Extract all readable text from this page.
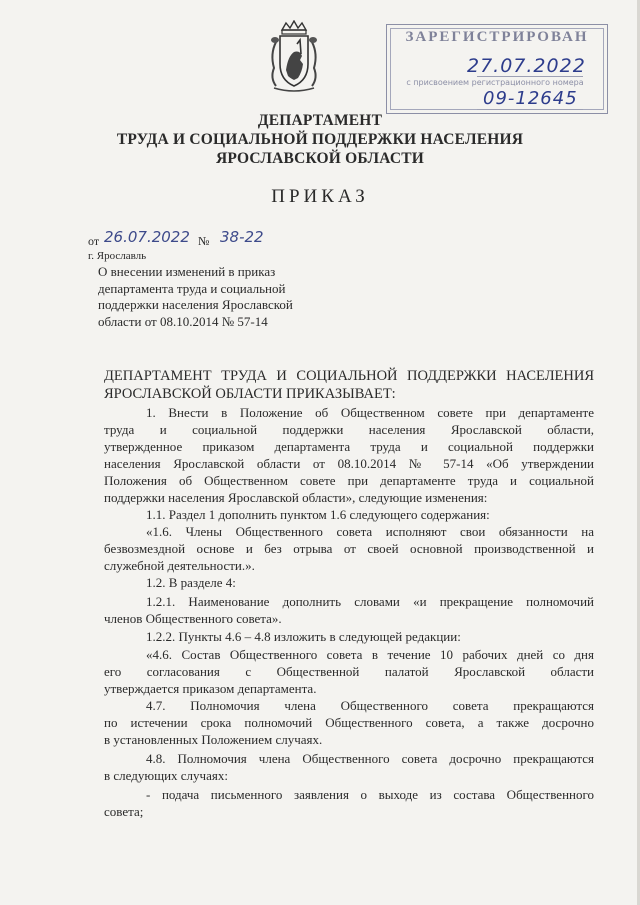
ЗАРЕГИСТРИРОВАН
27.07.2022
с присвоением регистрационного номера
09-12645
ДЕПАРТАМЕНТ
ТРУДА И СОЦИАЛЬНОЙ ПОДДЕРЖКИ НАСЕЛЕНИЯ
ЯРОСЛАВСКОЙ ОБЛАСТИ
ПРИКАЗ
от 26.07.2022 № 38-22
г. Ярославль
О внесении изменений в приказ
департамента труда и социальной
поддержки населения Ярославской
области от 08.10.2014 № 57-14
ДЕПАРТАМЕНТ ТРУДА И СОЦИАЛЬНОЙ ПОДДЕРЖКИ НАСЕЛЕНИЯ
ЯРОСЛАВСКОЙ ОБЛАСТИ ПРИКАЗЫВАЕТ:
1. Внести в Положение об Общественном совете при департаменте
труда и социальной поддержки населения Ярославской области,
утвержденное приказом департамента труда и социальной поддержки
населения Ярославской области от 08.10.2014 № 57-14 «Об утверждении
Положения об Общественном совете при департаменте труда и социальной
поддержки населения Ярославской области», следующие изменения:
1.1. Раздел 1 дополнить пунктом 1.6 следующего содержания:
«1.6. Члены Общественного совета исполняют свои обязанности на
безвозмездной основе и без отрыва от своей основной производственной и
служебной деятельности.».
1.2. В разделе 4:
1.2.1. Наименование дополнить словами «и прекращение полномочий
членов Общественного совета».
1.2.2. Пункты 4.6 – 4.8 изложить в следующей редакции:
«4.6. Состав Общественного совета в течение 10 рабочих дней со дня
его согласования с Общественной палатой Ярославской области
утверждается приказом департамента.
4.7. Полномочия члена Общественного совета прекращаются
по истечении срока полномочий Общественного совета, а также досрочно
в установленных Положением случаях.
4.8. Полномочия члена Общественного совета досрочно прекращаются
в следующих случаях:
- подача письменного заявления о выходе из состава Общественного
совета;
